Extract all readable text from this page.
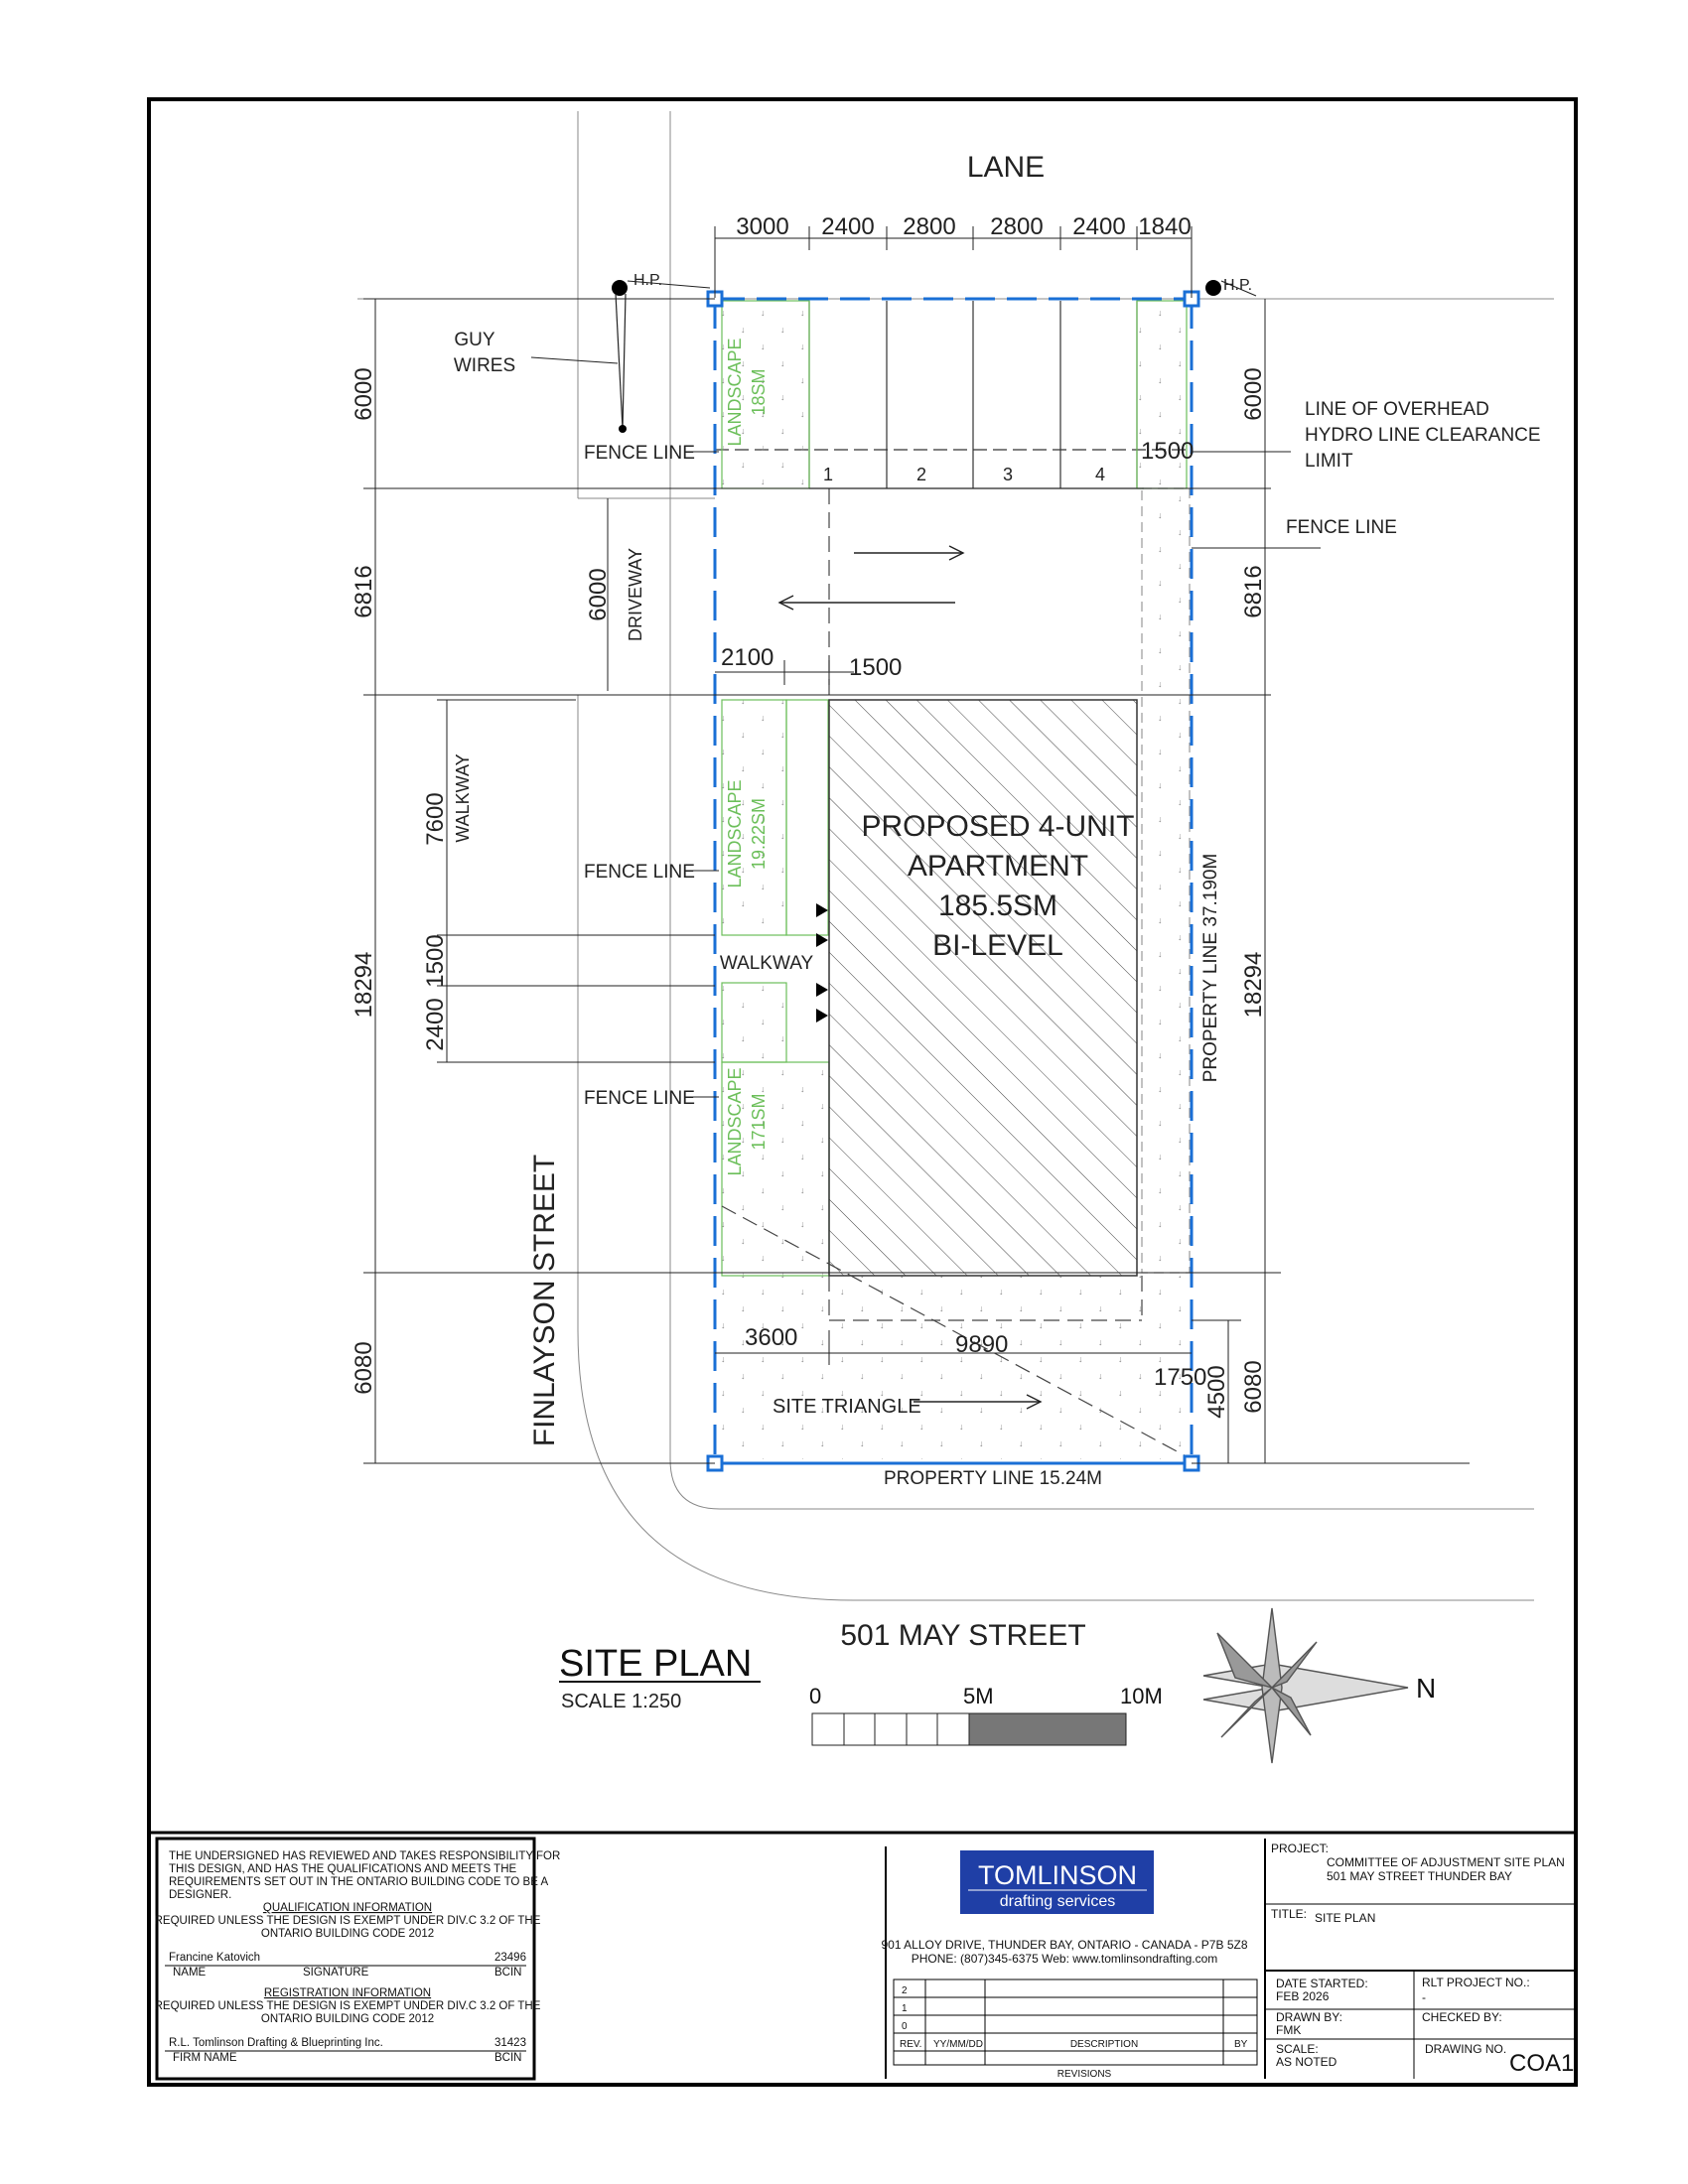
1	2	3	4
PROPOSED 4-UNIT
APARTMENT
185.5SM
BI-LEVEL
H.P.	H.P.
LANE
3000 2400 2800 2800 2400 1840
6000
6816
18294
6080
7600
1500
2400
6000 DRIVEWAY
WALKWAY
6000
6816
18294
6080
4500
1750
1500
2100	1500
3600	9890
GUY
WIRES
FENCE LINE
FENCE LINE
FENCE LINE
FENCE LINE
LINE OF OVERHEAD
HYDRO LINE CLEARANCE
LIMIT
WALKWAY
LANDSCAPE 18SM
LANDSCAPE 19.22SM
LANDSCAPE 171SM
PROPERTY LINE 37.190M
PROPERTY LINE 15.24M
SITE TRIANGLE
FINLAYSON STREET
501 MAY STREET
SITE PLAN
SCALE 1:250	0	5M	10M	N
THE UNDERSIGNED HAS REVIEWED AND TAKES RESPONSIBILITY FOR
THIS DESIGN, AND HAS THE QUALIFICATIONS AND MEETS THE
REQUIREMENTS SET OUT IN THE ONTARIO BUILDING CODE TO BE A
DESIGNER.
QUALIFICATION INFORMATION
REQUIRED UNLESS THE DESIGN IS EXEMPT UNDER DIV.C 3.2 OF THE
ONTARIO BUILDING CODE 2012
Francine Katovich	23496
NAME	SIGNATURE	BCIN
REGISTRATION INFORMATION
REQUIRED UNLESS THE DESIGN IS EXEMPT UNDER DIV.C 3.2 OF THE
ONTARIO BUILDING CODE 2012
R.L. Tomlinson Drafting & Blueprinting Inc.	31423
FIRM NAME	BCIN
TOMLINSON
drafting services
901 ALLOY DRIVE, THUNDER BAY, ONTARIO - CANADA - P7B 5Z8
PHONE: (807)345-6375 Web: www.tomlinsondrafting.com
2
1
0
REV. YY/MM/DD	DESCRIPTION	BY
REVISIONS
PROJECT:
COMMITTEE OF ADJUSTMENT SITE PLAN
501 MAY STREET THUNDER BAY
TITLE: SITE PLAN
DATE STARTED:
FEB 2026
RLT PROJECT NO.:
-
DRAWN BY:
FMK
CHECKED BY:
SCALE:
AS NOTED
DRAWING NO.
COA1
